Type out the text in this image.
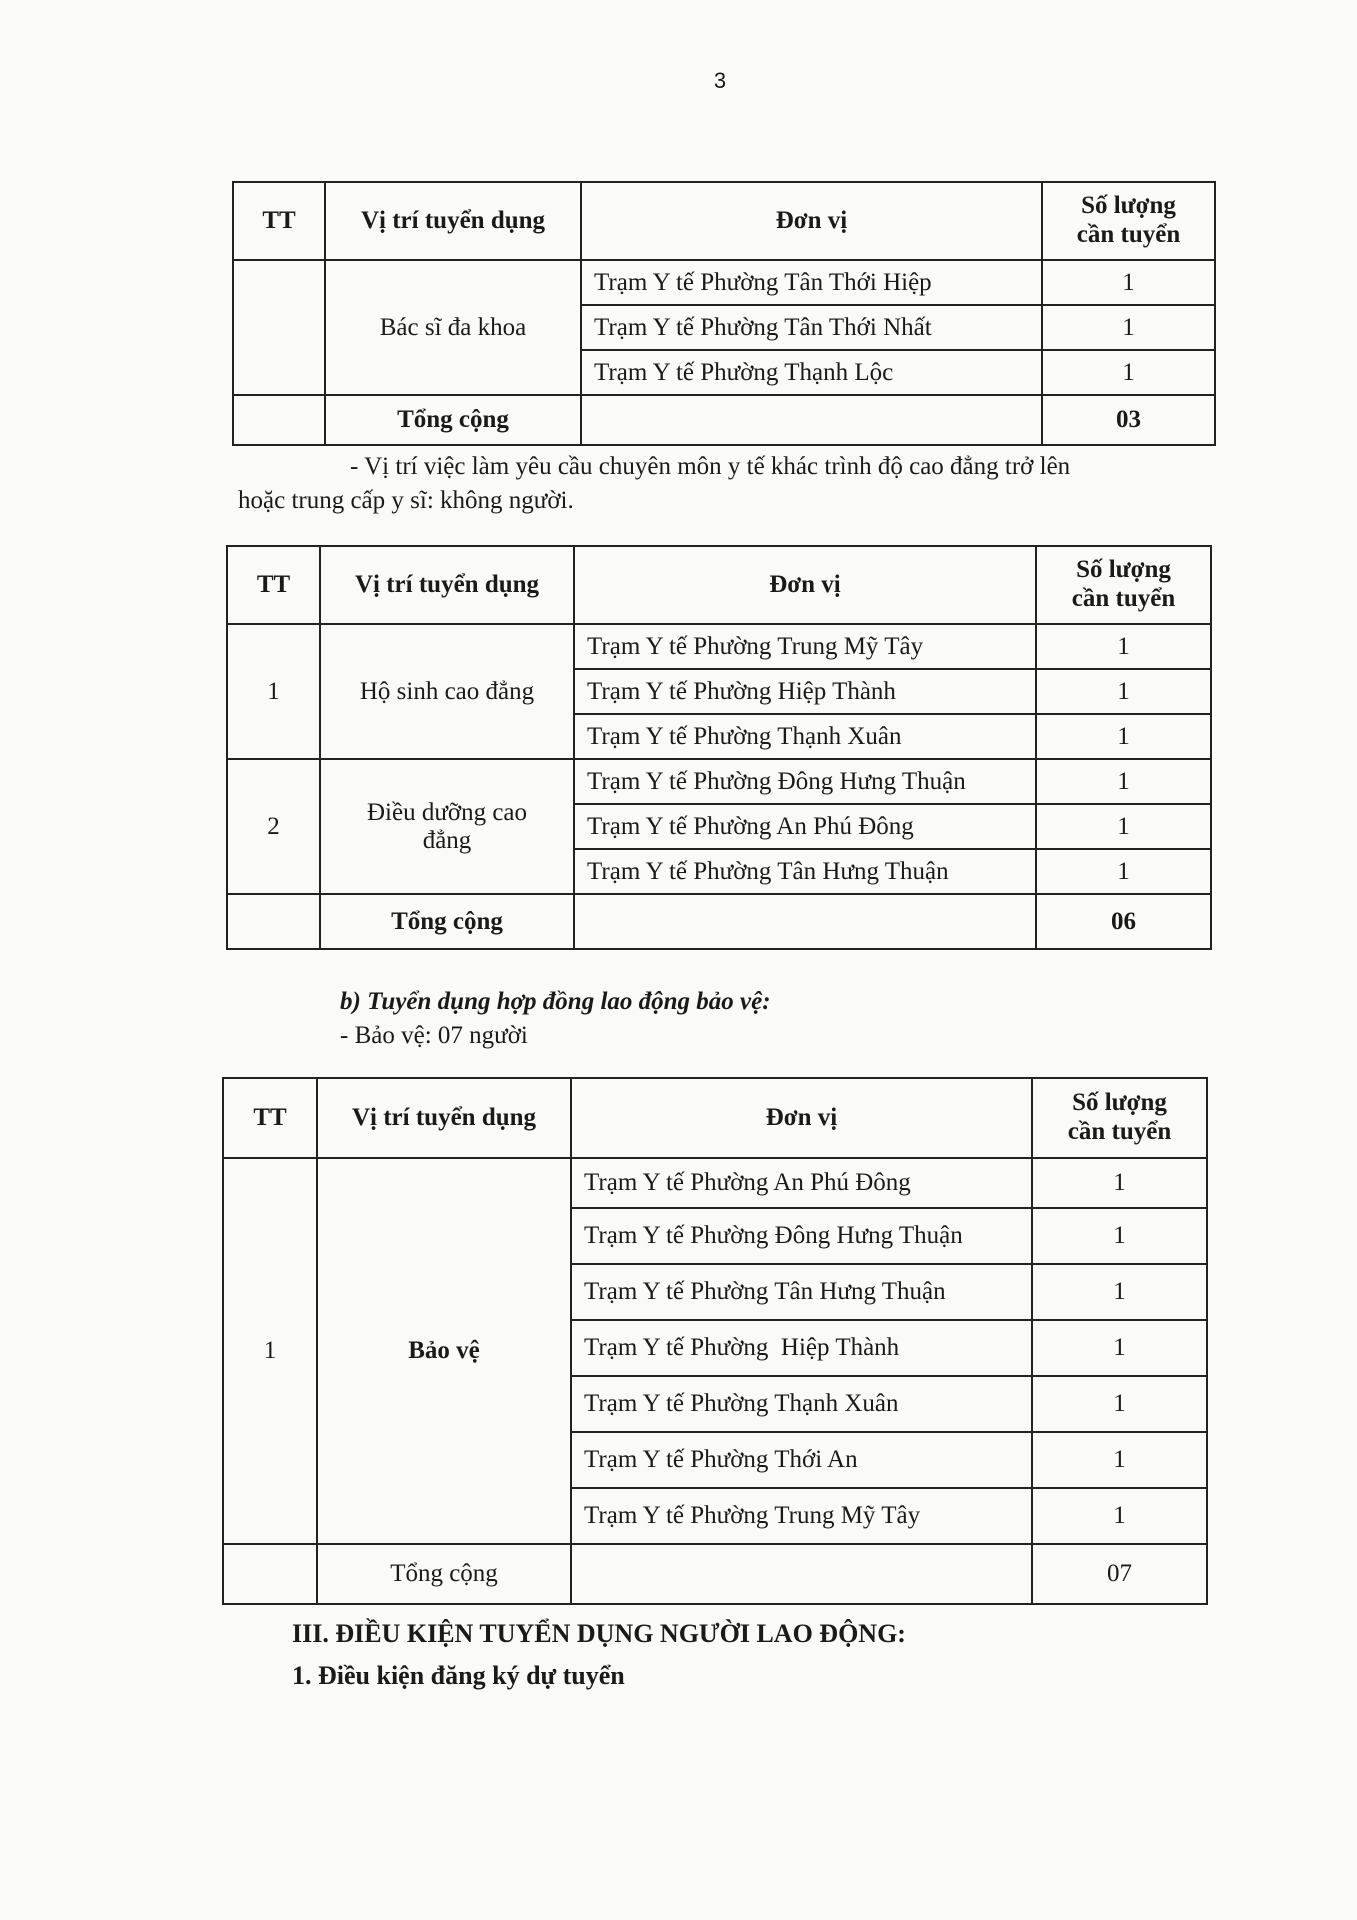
3
TT	Vị trí tuyển dụng	Đơn vị	Số lượng
cần tuyển
	Bác sĩ đa khoa	Trạm Y tế Phường Tân Thới Hiệp	1
		Trạm Y tế Phường Tân Thới Nhất	1
		Trạm Y tế Phường Thạnh Lộc	1
	Tổng cộng		03
- Vị trí việc làm yêu cầu chuyên môn y tế khác trình độ cao đẳng trở lên
hoặc trung cấp y sĩ: không người.
TT	Vị trí tuyển dụng	Đơn vị	Số lượng
cần tuyển
1	Hộ sinh cao đẳng	Trạm Y tế Phường Trung Mỹ Tây	1
		Trạm Y tế Phường Hiệp Thành	1
		Trạm Y tế Phường Thạnh Xuân	1
2	Điều dưỡng cao đẳng	Trạm Y tế Phường Đông Hưng Thuận	1
		Trạm Y tế Phường An Phú Đông	1
		Trạm Y tế Phường Tân Hưng Thuận	1
	Tổng cộng		06
b) Tuyển dụng hợp đồng lao động bảo vệ:
- Bảo vệ: 07 người
TT	Vị trí tuyển dụng	Đơn vị	Số lượng
cần tuyển
1	Bảo vệ	Trạm Y tế Phường An Phú Đông	1
		Trạm Y tế Phường Đông Hưng Thuận	1
		Trạm Y tế Phường Tân Hưng Thuận	1
		Trạm Y tế Phường  Hiệp Thành	1
		Trạm Y tế Phường Thạnh Xuân	1
		Trạm Y tế Phường Thới An	1
		Trạm Y tế Phường Trung Mỹ Tây	1
	Tổng cộng		07
III. ĐIỀU KIỆN TUYỂN DỤNG NGƯỜI LAO ĐỘNG:
1. Điều kiện đăng ký dự tuyển
